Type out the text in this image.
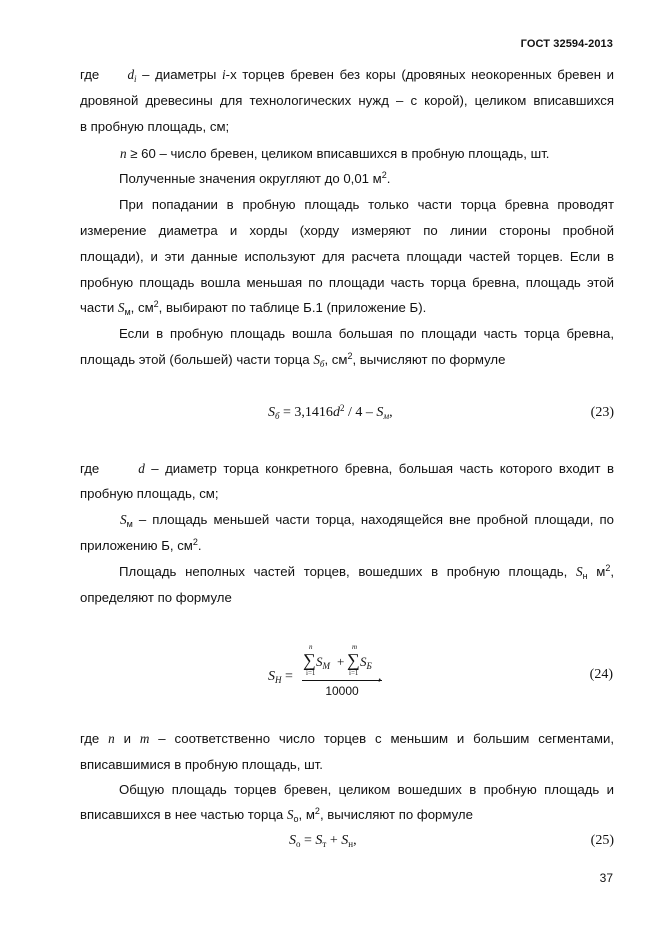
ГОСТ 32594-2013
где $d_i$ – диаметры i-х торцев бревен без коры (дровяных неокоренных бревен и
дровяной древесины для технологических нужд – с корой), целиком вписавшихся
в пробную площадь, см;
n ≥ 60 – число бревен, целиком вписавшихся в пробную площадь, шт.
Полученные значения округляют до 0,01 $м^2$.
При попадании в пробную площадь только части торца бревна проводят
измерение диаметра и хорды (хорду измеряют по линии стороны пробной
площади), и эти данные используют для расчета площади частей торцев. Если в
пробную площадь вошла меньшая по площади часть торца бревна, площадь этой
части $S_м$, $см^2$, выбирают по таблице Б.1 (приложение Б).
Если в пробную площадь вошла большая по площади часть торца бревна,
площадь этой (большей) части торца $S_б$, $см^2$, вычисляют по формуле
$S_б = 3,1416d^2 / 4 - S_м$,	(23)
где	d – диаметр торца конкретного бревна, большая часть которого входит в
пробную площадь, см;
$S_м$ – площадь меньшей части торца, находящейся вне пробной площади, по
приложению Б, $см^2$.
Площадь неполных частей торцев, вошедших в пробную площадь, $S_н$ $м^2$,
определяют по формуле
$S_Н$ =
n
∑
i=1
$S_М$ +
m
∑
i=1
$S_Б$
10000
,	(24)
где n и m – соответственно число торцев с меньшим и большим сегментами,
вписавшимися в пробную площадь, шт.
Общую площадь торцев бревен, целиком вошедших в пробную площадь и
вписавшихся в нее частью торца $S_о$, $м^2$, вычисляют по формуле
$S_о = S_т + S_н$,	(25)
37
